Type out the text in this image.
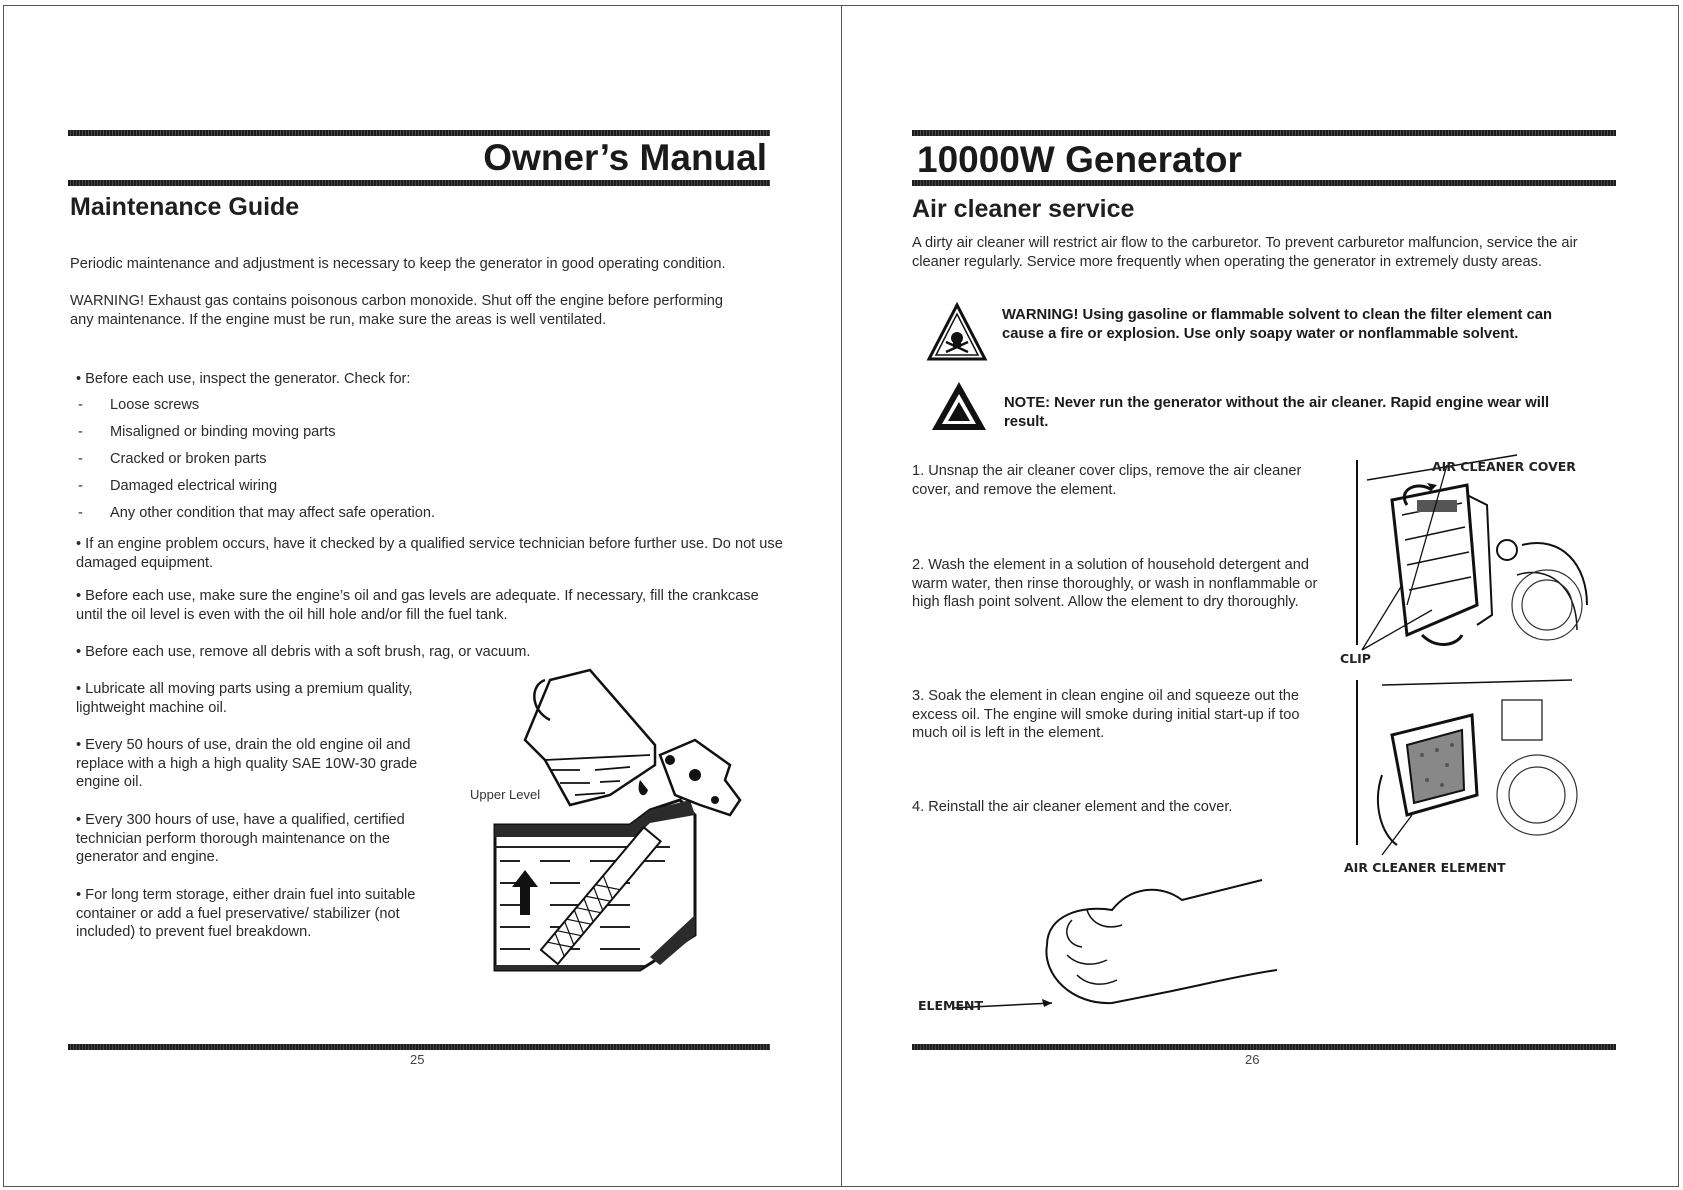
Owner’s Manual
Maintenance Guide
Periodic maintenance and adjustment is necessary to keep the generator in good operating condition.
WARNING! Exhaust gas contains poisonous carbon monoxide. Shut off the engine before performing any maintenance. If the engine must be run, make sure the areas is well ventilated.
• Before each use, inspect the generator. Check for:
- Loose screws
- Misaligned or binding moving parts
- Cracked or broken parts
- Damaged electrical wiring
- Any other condition that may affect safe operation.
• If an engine problem occurs, have it checked by a qualified service technician before further use. Do not use damaged equipment.
• Before each use, make sure the engine’s oil and gas levels are adequate. If necessary, fill the crankcase until the oil level is even with the oil hill hole and/or fill the fuel tank.
• Before each use, remove all debris with a soft brush, rag, or vacuum.
• Lubricate all moving parts using a premium quality, lightweight machine oil.
• Every 50 hours of use, drain the old engine oil and replace with a high a high quality SAE 10W-30 grade engine oil.
• Every 300 hours of use, have a qualified, certified technician perform thorough maintenance on the generator and engine.
• For long term storage, either drain fuel into suitable container or add a fuel preservative/ stabilizer (not included) to prevent fuel breakdown.
Upper Level
25
10000W Generator
Air cleaner service
A dirty air cleaner will restrict air flow to the carburetor. To prevent carburetor malfuncion, service the air cleaner regularly. Service more frequently when operating the generator in extremely dusty areas.
WARNING! Using gasoline or flammable solvent to clean the filter element can cause a fire or explosion. Use only soapy water or nonflammable solvent.
NOTE: Never run the generator without the air cleaner. Rapid engine wear will result.
1. Unsnap the air cleaner cover clips, remove the air cleaner cover, and remove the element.
2. Wash the element in a solution of household detergent and warm water, then rinse thoroughly, or wash in nonflammable or high flash point solvent. Allow the element to dry thoroughly.
3. Soak the element in clean engine oil and squeeze out the excess oil. The engine will smoke during initial start-up if too much oil is left in the element.
4. Reinstall the air cleaner element and the cover.
AIR CLEANER COVER
CLIP
AIR CLEANER ELEMENT
ELEMENT
26
